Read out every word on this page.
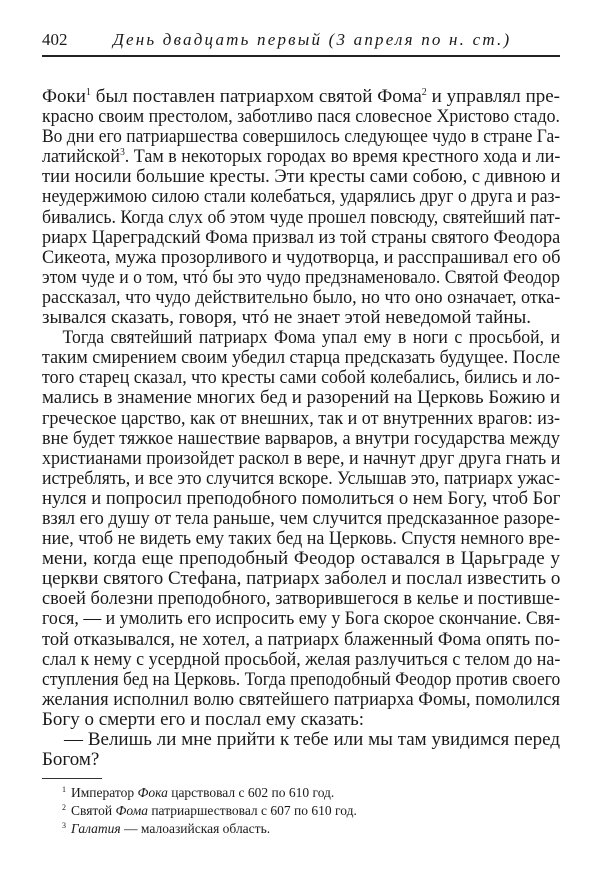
402	День двадцать первый (3 апреля по н. ст.)
Фоки$^1$ был поставлен патриархом святой Фома$^2$ и управлял пре-
красно своим престолом, заботливо пася словесное Христово стадо.
Во дни его патриаршества совершилось следующее чудо в стране Га-
латийской$^3$. Там в некоторых городах во время крестного хода и ли-
тии носили большие кресты. Эти кресты сами собою, с дивною и
неудержимою силою стали колебаться, ударялись друг о друга и раз-
бивались. Когда слух об этом чуде прошел повсюду, святейший пат-
риарх Цареградский Фома призвал из той страны святого Феодора
Сикеота, мужа прозорливого и чудотворца, и расспрашивал его об
этом чуде и о том, чтó бы это чудо предзнаменовало. Святой Феодор
рассказал, что чудо действительно было, но что оно означает, отка-
зывался сказать, говоря, чтó не знает этой неведомой тайны.
Тогда святейший патриарх Фома упал ему в ноги с просьбой, и
таким смирением своим убедил старца предсказать будущее. После
того старец сказал, что кресты сами собой колебались, бились и ло-
мались в знамение многих бед и разорений на Церковь Божию и
греческое царство, как от внешних, так и от внутренних врагов: из-
вне будет тяжкое нашествие варваров, а внутри государства между
христианами произойдет раскол в вере, и начнут друг друга гнать и
истреблять, и все это случится вскоре. Услышав это, патриарх ужас-
нулся и попросил преподобного помолиться о нем Богу, чтоб Бог
взял его душу от тела раньше, чем случится предсказанное разоре-
ние, чтоб не видеть ему таких бед на Церковь. Спустя немного вре-
мени, когда еще преподобный Феодор оставался в Царьграде у
церкви святого Стефана, патриарх заболел и послал известить о
своей болезни преподобного, затворившегося в келье и постивше-
гося, — и умолить его испросить ему у Бога скорое скончание. Свя-
той отказывался, не хотел, а патриарх блаженный Фома опять по-
слал к нему с усердной просьбой, желая разлучиться с телом до на-
ступления бед на Церковь. Тогда преподобный Феодор против своего
желания исполнил волю святейшего патриарха Фомы, помолился
Богу о смерти его и послал ему сказать:
— Велишь ли мне прийти к тебе или мы там увидимся перед
Богом?
$^1$ Император Фока царствовал с 602 по 610 год.
$^2$ Святой Фома патриаршествовал с 607 по 610 год.
$^3$ Галатия — малоазийская область.
